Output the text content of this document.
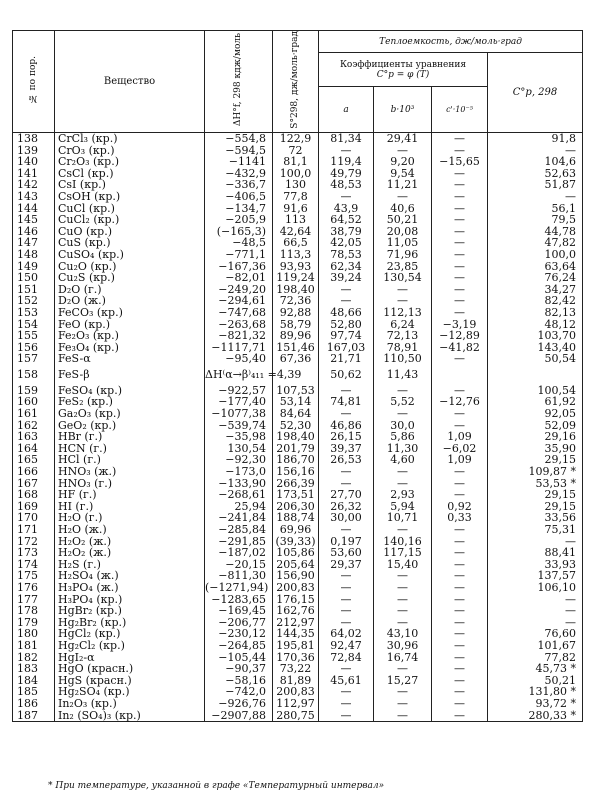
№ по пор.	Вещество	ΔH°f, 298 кдж/моль	S°298, дж/моль·град	Теплоемкость, дж/моль·град			

				Коэффициенты уравнения
C°p = φ (T)			C°p, 298
				a	b·10³	c'·10⁻⁵	
138	CrCl₃ (кр.)	−554,8	122,9	81,34	29,41	—	91,8
139	CrO₃ (кр.)	−594,5	72	—	—	—	—
140	Cr₂O₃ (кр.)	−1141	81,1	119,4	9,20	−15,65	104,6
141	CsCl (кр.)	−432,9	100,0	49,79	9,54	—	52,63
142	CsI (кр.)	−336,7	130	48,53	11,21	—	51,87
143	CsOH (кр.)	−406,5	77,8	—	—	—	—
144	CuCl (кр.)	−134,7	91,6	43,9	40,6	—	56,1
145	CuCl₂ (кр.)	−205,9	113	64,52	50,21	—	79,5
146	CuO (кр.)	(−165,3)	42,64	38,79	20,08	—	44,78
147	CuS (кр.)	−48,5	66,5	42,05	11,05	—	47,82
148	CuSO₄ (кр.)	−771,1	113,3	78,53	71,96	—	100,0
149	Cu₂O (кр.)	−167,36	93,93	62,34	23,85	—	63,64
150	Cu₂S (кр.)	−82,01	119,24	39,24	130,54	—	76,24
151	D₂O (г.)	−249,20	198,40	—	—	—	34,27
152	D₂O (ж.)	−294,61	72,36	—	—	—	82,42
153	FeCO₃ (кр.)	−747,68	92,88	48,66	112,13	—	82,13
154	FeO (кр.)	−263,68	58,79	52,80	6,24	−3,19	48,12
155	Fe₂O₃ (кр.)	−821,32	89,96	97,74	72,13	−12,89	103,70
156	Fe₃O₄ (кр.)	−1117,71	151,46	167,03	78,91	−41,82	143,40
157	FeS-α	−95,40	67,36	21,71	110,50	—	50,54
158	FeS-β	ΔH⁽α→β⁾₄₁₁ =4,39		50,62	11,43		
159	FeSO₄ (кр.)	−922,57	107,53	—	—	—	100,54
160	FeS₂ (кр.)	−177,40	53,14	74,81	5,52	−12,76	61,92
161	Ga₂O₃ (кр.)	−1077,38	84,64	—	—	—	92,05
162	GeO₂ (кр.)	−539,74	52,30	46,86	30,0	—	52,09
163	HBr (г.)	−35,98	198,40	26,15	5,86	1,09	29,16
164	HCN (г.)	130,54	201,79	39,37	11,30	−6,02	35,90
165	HCl (г.)	−92,30	186,70	26,53	4,60	1,09	29,15
166	HNO₃ (ж.)	−173,0	156,16	—	—	—	109,87 *
167	HNO₃ (г.)	−133,90	266,39	—	—	—	53,53 *
168	HF (г.)	−268,61	173,51	27,70	2,93	—	29,15
169	HI (г.)	25,94	206,30	26,32	5,94	0,92	29,15
170	H₂O (г.)	−241,84	188,74	30,00	10,71	0,33	33,56
171	H₂O (ж.)	−285,84	69,96	—	—	—	75,31
172	H₂O₂ (ж.)	−291,85	(39,33)	0,197	140,16	—	—
173	H₂O₂ (ж.)	−187,02	105,86	53,60	117,15	—	88,41
174	H₂S (г.)	−20,15	205,64	29,37	15,40	—	33,93
175	H₂SO₄ (ж.)	−811,30	156,90	—	—	—	137,57
176	H₃PO₄ (ж.)	(−1271,94)	200,83	—	—	—	106,10
177	H₃PO₄ (кр.)	−1283,65	176,15	—	—	—	—
178	HgBr₂ (кр.)	−169,45	162,76	—	—	—	—
179	Hg₂Br₂ (кр.)	−206,77	212,97	—	—	—	—
180	HgCl₂ (кр.)	−230,12	144,35	64,02	43,10	—	76,60
181	Hg₂Cl₂ (кр.)	−264,85	195,81	92,47	30,96	—	101,67
182	HgI₂-α	−105,44	170,36	72,84	16,74	—	77,82
183	HgO (красн.)	−90,37	73,22	—	—	—	45,73 *
184	HgS (красн.)	−58,16	81,89	45,61	15,27	—	50,21
185	Hg₂SO₄ (кр.)	−742,0	200,83	—	—	—	131,80 *
186	In₂O₃ (кр.)	−926,76	112,97	—	—	—	93,72 *
187	In₂ (SO₄)₃ (кр.)	−2907,88	280,75	—	—	—	280,33 *
* При температуре, указанной в графе «Температурный интервал»
